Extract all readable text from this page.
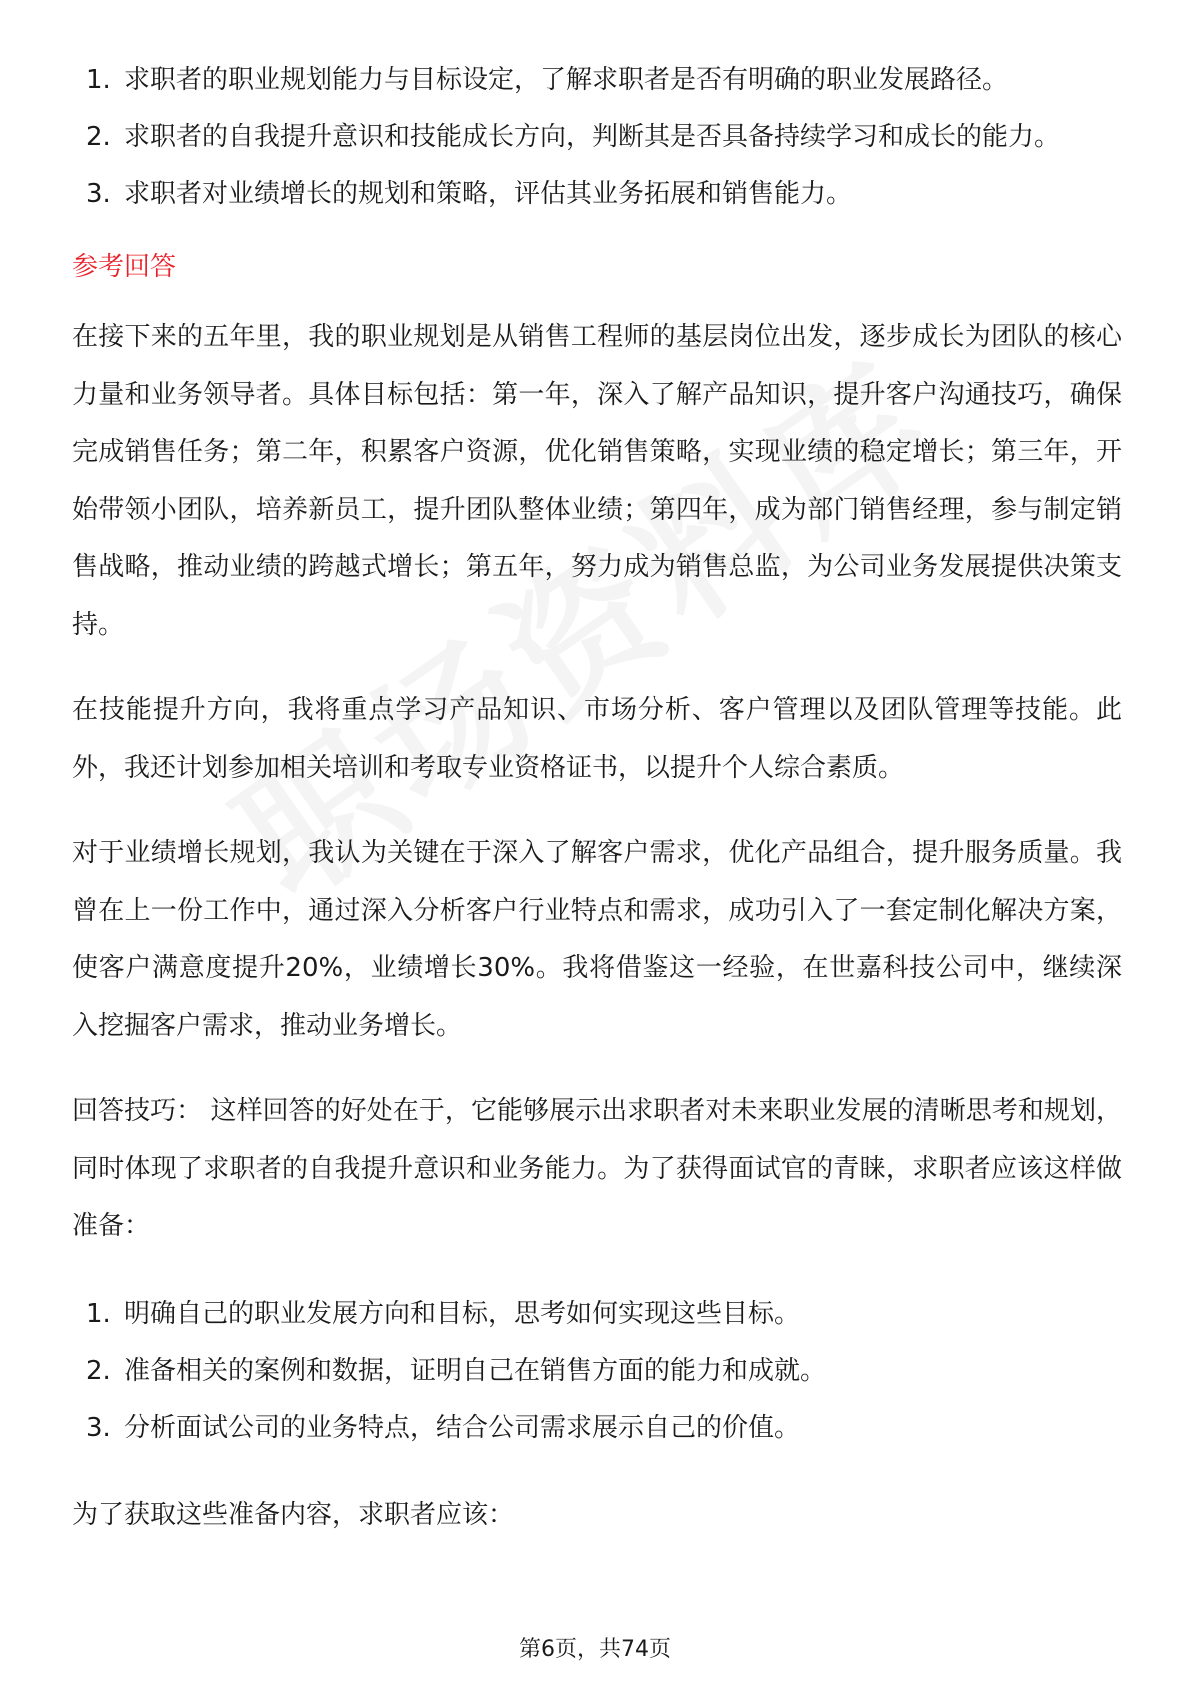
1. 求职者的职业规划能力与目标设定，了解求职者是否有明确的职业发展路径。
2. 求职者的自我提升意识和技能成长方向，判断其是否具备持续学习和成长的能力。
3. 求职者对业绩增长的规划和策略，评估其业务拓展和销售能力。
参考回答

在接下来的五年里，我的职业规划是从销售工程师的基层岗位出发，逐步成长为团队的核心力量和业务领导者。具体目标包括：第一年，深入了解产品知识，提升客户沟通技巧，确保完成销售任务；第二年，积累客户资源，优化销售策略，实现业绩的稳定增长；第三年，开始带领小团队，培养新员工，提升团队整体业绩；第四年，成为部门销售经理，参与制定销售战略，推动业绩的跨越式增长；第五年，努力成为销售总监，为公司业务发展提供决策支持。

在技能提升方向，我将重点学习产品知识、市场分析、客户管理以及团队管理等技能。此外，我还计划参加相关培训和考取专业资格证书，以提升个人综合素质。

对于业绩增长规划，我认为关键在于深入了解客户需求，优化产品组合，提升服务质量。我曾在上一份工作中，通过深入分析客户行业特点和需求，成功引入了一套定制化解决方案，使客户满意度提升20%，业绩增长30%。我将借鉴这一经验，在世嘉科技公司中，继续深入挖掘客户需求，推动业务增长。

回答技巧： 这样回答的好处在于，它能够展示出求职者对未来职业发展的清晰思考和规划，同时体现了求职者的自我提升意识和业务能力。为了获得面试官的青睐，求职者应该这样做准备：

1. 明确自己的职业发展方向和目标，思考如何实现这些目标。
2. 准备相关的案例和数据，证明自己在销售方面的能力和成就。
3. 分析面试公司的业务特点，结合公司需求展示自己的价值。

为了获取这些准备内容，求职者应该：

第6页，共74页
